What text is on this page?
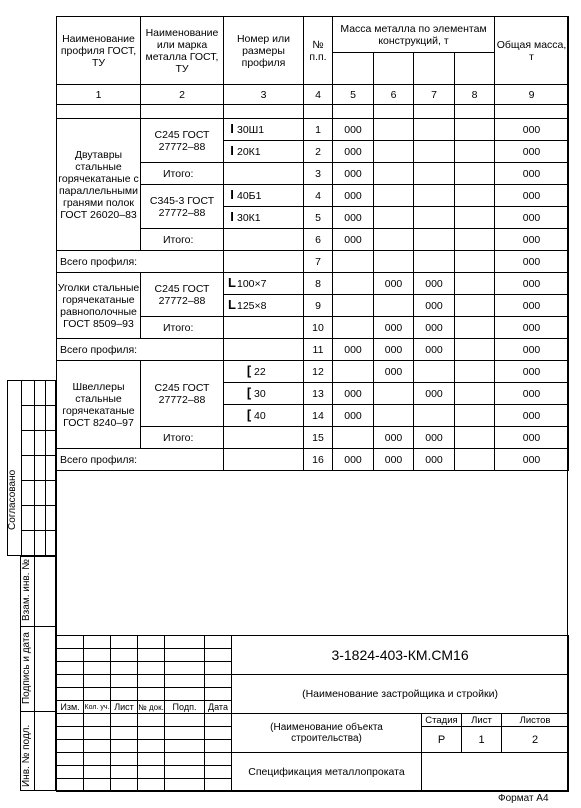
Согласовано
Взам. инв. №
Подпись и дата
Инв. № подл.
Наименование профиля ГОСТ, ТУ	Наименование или марка металла ГОСТ, ТУ	Номер или размеры профиля	№ п.п.	Масса металла по элементам конструкций, т				Общая масса, т

1	2	3	4	5	6	7	8	9

Двутавры стальные горячекатаные с параллельными гранями полок ГОСТ 26020–83	С245 ГОСТ 27772–88	I 30Ш1	1	000				000
		I 20К1	2	000				000
	Итого:		3	000				000
	С345-3 ГОСТ 27772–88	I 40Б1	4	000				000
		I 30К1	5	000				000
	Итого:		6	000				000
Всего профиля:			7					000
Уголки стальные горячекатаные равнополочные ГОСТ 8509–93	С245 ГОСТ 27772–88	L100×7	8		000	000		000
		L125×8	9			000		000
	Итого:		10		000	000		000
Всего профиля:			11	000	000	000		000
Швеллеры стальные горячекатаные ГОСТ 8240–97	С245 ГОСТ 27772–88	[ 22	12		000			000
		[ 30	13	000		000		000
		[ 40	14	000				000
	Итого:		15		000	000		000
Всего профиля:			16	000	000	000		000
						3-1824-403-КМ.СМ16			

						(Наименование застройщика и стройки)			

Изм.	Кол. уч.	Лист	№ док.	Подп.	Дата				
						(Наименование объекта строительства)	Стадия	Лист	Листов
							Р	1	2

						Спецификация металлопроката			

Формат А4
